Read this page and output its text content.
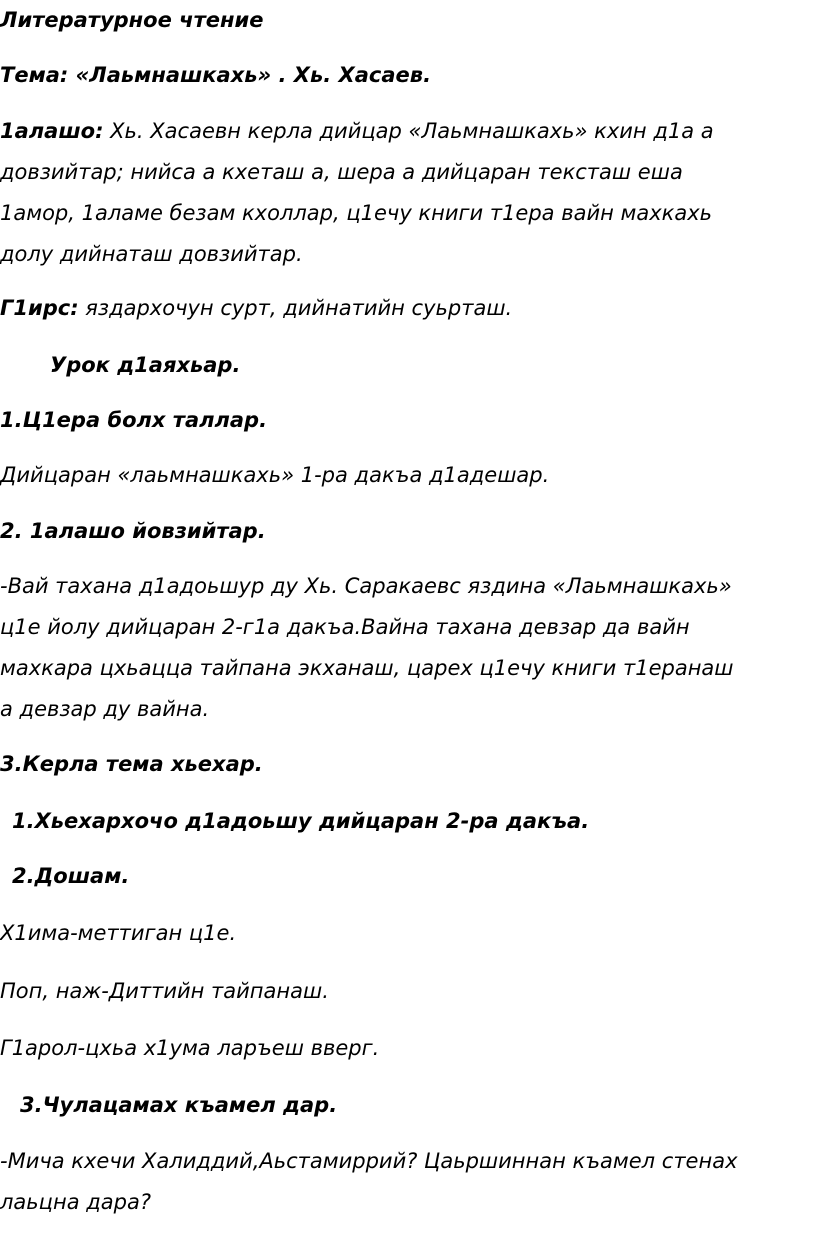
Литературное чтение
Тема: «Лаьмнашкахь» . Хь. Хасаев.
1алашо: Хь. Хасаевн керла дийцар «Лаьмнашкахь» кхин д1а а
довзийтар; нийса а кхеташ а, шера а дийцаран тексташ еша
1амор, 1аламе безам кхоллар, ц1ечу книги т1ера вайн махкахь
долу дийнаташ довзийтар.
Г1ирс: яздархочун сурт, дийнатийн суьрташ.
Урок д1аяхьар.
1.Ц1ера болх таллар.
Дийцаран «лаьмнашкахь» 1-ра дакъа д1адешар.
2. 1алашо йовзийтар.
-Вай тахана д1адоьшур ду Хь. Саракаевс яздина «Лаьмнашкахь»
ц1е йолу дийцаран 2-г1а дакъа.Вайна тахана девзар да вайн
махкара цхьацца тайпана экханаш, царех ц1ечу книги т1еранаш
а девзар ду вайна.
3.Керла тема хьехар.
1.Хьехархочо д1адоьшу дийцаран 2-ра дакъа.
2.Дошам.
Х1има-меттиган ц1е.
Поп, наж-Диттийн тайпанаш.
Г1арол-цхьа х1ума ларъеш вверг.
3.Чулацамах къамел дар.
-Мича кхечи Халиддий,Аьстамиррий? Цаьршиннан къамел стенах
лаьцна дара?
